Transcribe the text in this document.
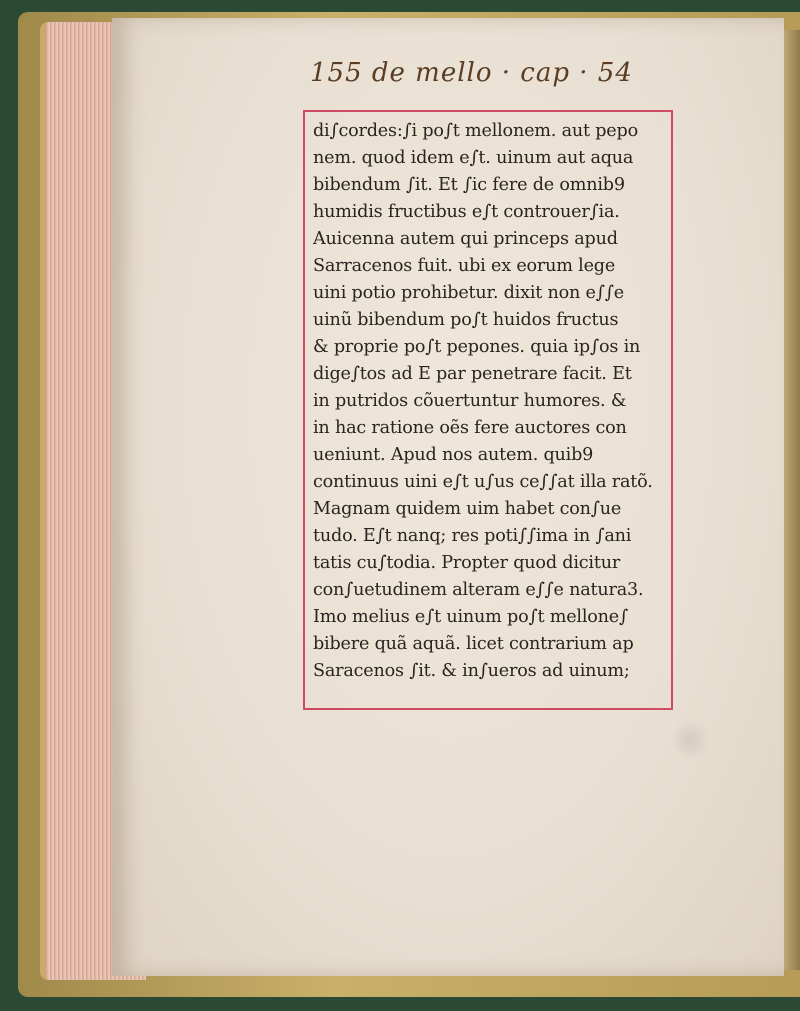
155 de mello · cap · 54
di∫cordes:∫i po∫t mellonem. aut pepo
nem. quod idem e∫t. uinum aut aqua
bibendum ∫it. Et ∫ic fere de omnib9
humidis fructibus e∫t controuer∫ia.
Auicenna autem qui princeps apud
Sarracenos fuit. ubi ex eorum lege
uini potio prohibetur. dixit non e∫∫e
uinũ bibendum po∫t huidos fructus
& proprie po∫t pepones. quia ip∫os in
dige∫tos ad E par penetrare facit. Et
in putridos cõuertuntur humores. &
in hac ratione oẽs fere auctores con
ueniunt. Apud nos autem. quib9
continuus uini e∫t u∫us ce∫∫at illa ratõ.
Magnam quidem uim habet con∫ue
tudo. E∫t nanq; res poti∫∫ima in ∫ani
tatis cu∫todia. Propter quod dicitur
con∫uetudinem alteram e∫∫e natura3.
Imo melius e∫t uinum po∫t mellone∫
bibere quã aquã. licet contrarium ap
Saracenos ∫it. & in∫ueros ad uinum;
